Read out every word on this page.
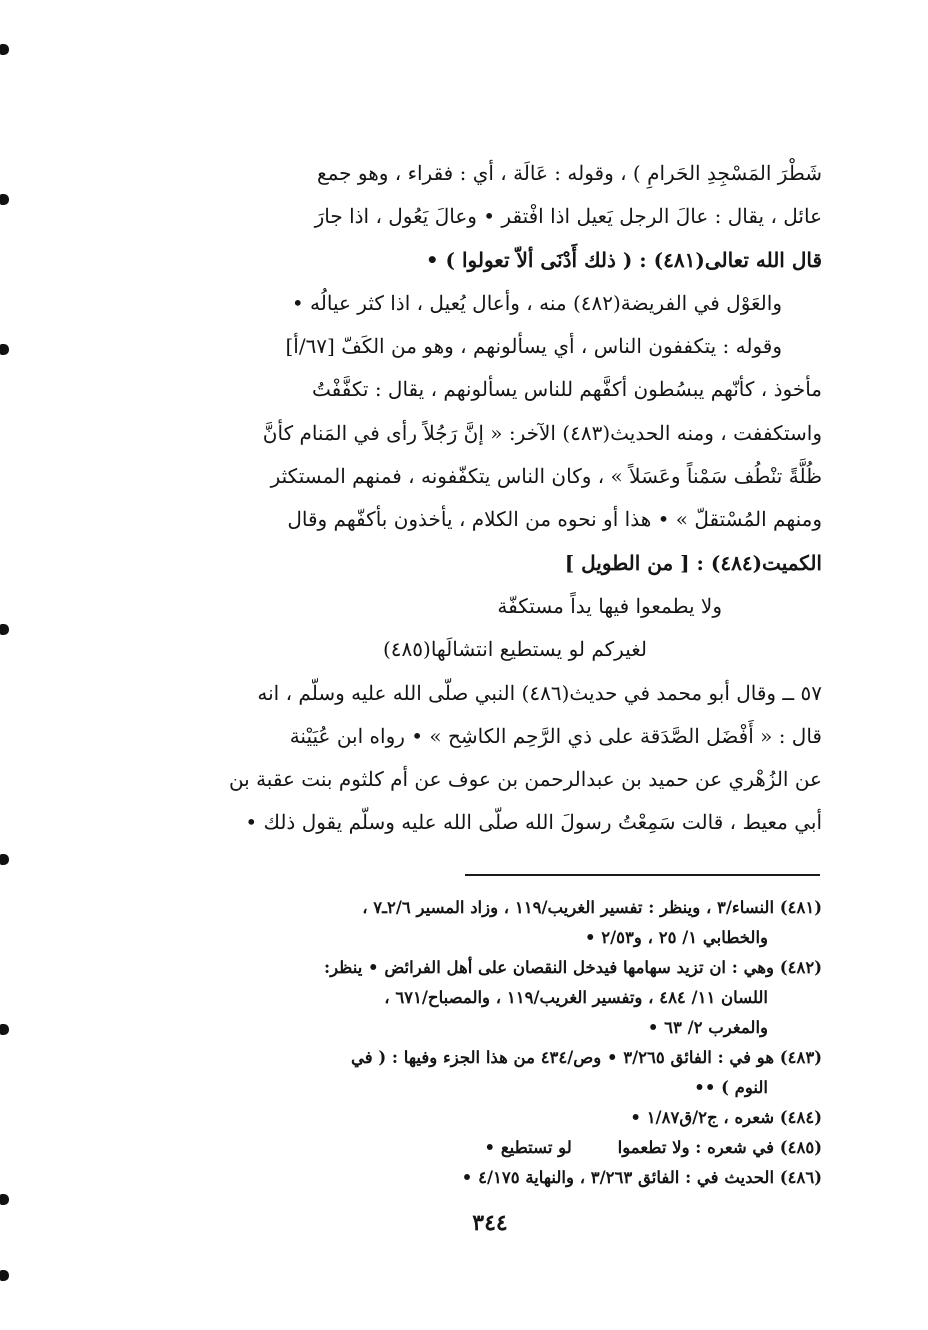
شَطْرَ المَسْجِدِ الحَرامِ ) ، وقوله : عَالَة ، أي : فقراء ، وهو جمع
عائل ، يقال : عالَ الرجل يَعيل اذا افْتقر • وعالَ يَعُول ، اذا جارَ
قال الله تعالى(٤٨١) : ( ذلك أَدْنَى ألاّ تعولوا ) •
والعَوْل في الفريضة(٤٨٢) منه ، وأعال يُعيل ، اذا كثر عيالُه •
وقوله : يتكففون الناس ، أي يسألونهم ، وهو من الكَفّ [٦٧/أ]
مأخوذ ، كأنّهم يبسُطون أكفَّهم للناس يسألونهم ، يقال : تكفَّفْتُ
واستكففت ، ومنه الحديث(٤٨٣) الآخر: « إنَّ رَجُلاً رأى في المَنام كأنَّ
ظُلَّةً تنْطُف سَمْناً وعَسَلاً » ، وكان الناس يتكفّفونه ، فمنهم المستكثر
ومنهم المُسْتقلّ » • هذا أو نحوه من الكلام ، يأخذون بأكفّهم وقال
الكميت(٤٨٤) : [ من الطويل ]
ولا يطمعوا فيها يداً مستكفّة
لغيركم لو يستطيع انتشالَها(٤٨٥)
٥٧ ــ وقال أبو محمد في حديث(٤٨٦) النبي صلّى الله عليه وسلّم ، انه
قال : « أَفْضَل الصَّدَقة على ذي الرَّحِم الكاشِح » • رواه ابن عُيَيْنة
عن الزُهْري عن حميد بن عبدالرحمن بن عوف عن أم كلثوم بنت عقبة بن
أبي معيط ، قالت سَمِعْتُ رسولَ الله صلّى الله عليه وسلّم يقول ذلك •
(٤٨١) النساء/٣ ، وينظر : تفسير الغريب/١١٩ ، وزاد المسير ٢/٦ـ٧ ،
والخطابي ١/ ٢٥ ، و٢/٥٣ •
(٤٨٢) وهي : ان تزيد سهامها فيدخل النقصان على أهل الفرائض • ينظر:
اللسان ١١/ ٤٨٤ ، وتفسير الغريب/١١٩ ، والمصباح/٦٧١ ،
والمغرب ٢/ ٦٣ •
(٤٨٣) هو في : الفائق ٣/٢٦٥ • وص/٤٣٤ من هذا الجزء وفيها : ( في
النوم ) ••
(٤٨٤) شعره ، ج٢/ق١/٨٧ •
(٤٨٥) في شعره : ولا تطعموا        لو تستطيع •
(٤٨٦) الحديث في : الفائق ٣/٢٦٣ ، والنهاية ٤/١٧٥ •
٣٤٤
